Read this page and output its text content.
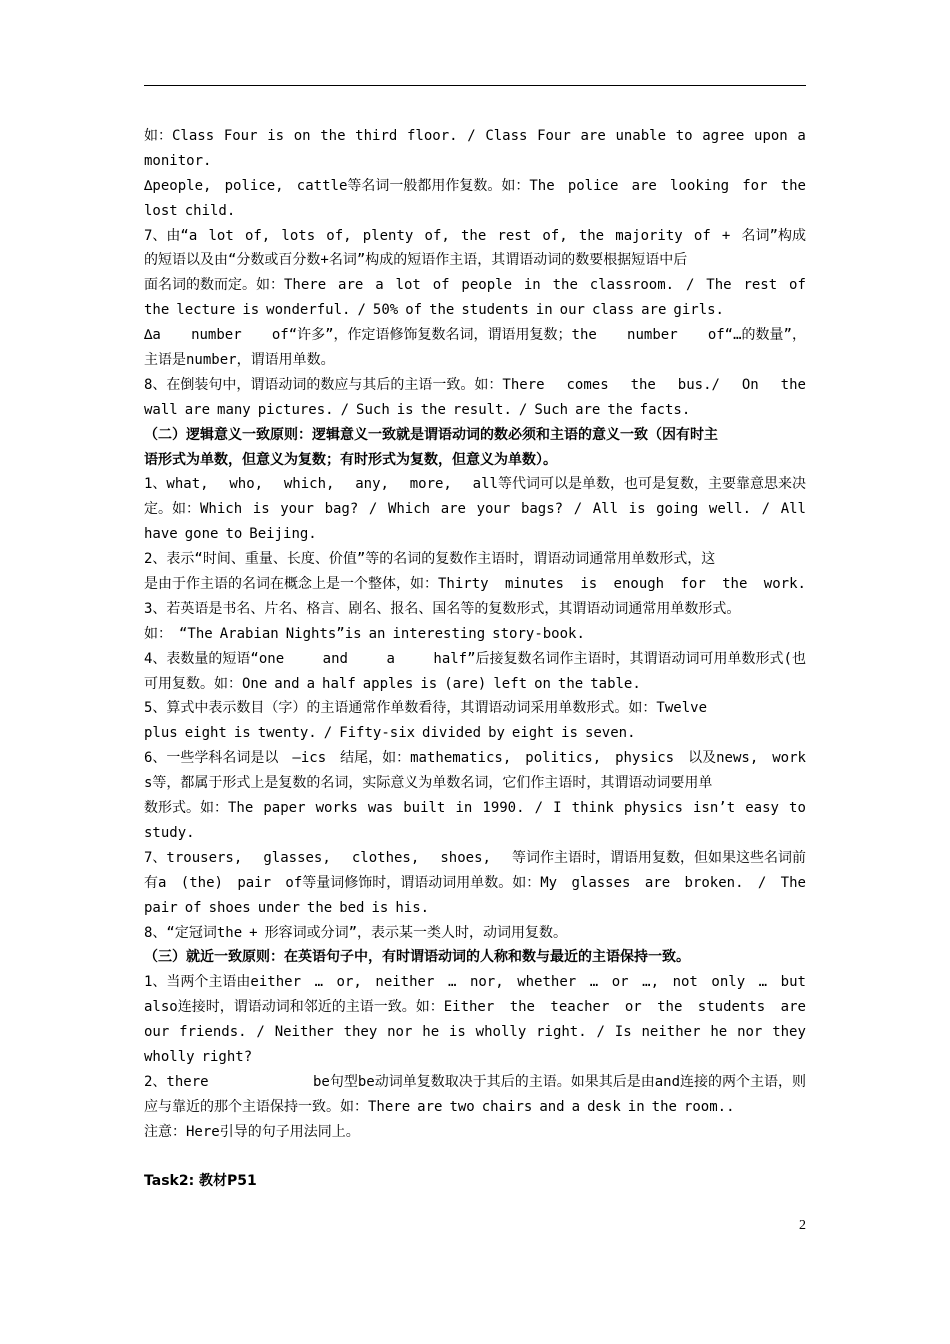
如：Class Four is on the third floor. / Class Four are unable to agree upon a
monitor.
∆people, police, cattle等名词一般都用作复数。如：The police are looking for the
lost child.
7、由“a lot of, lots of, plenty of, the rest of, the majority of + 名词”构成
的短语以及由“分数或百分数+名词”构成的短语作主语，其谓语动词的数要根据短语中后
面名词的数而定。如：There are a lot of people in the classroom. / The rest of
the lecture is wonderful. / 50% of the students in our class are girls.
∆a number of“许多”，作定语修饰复数名词，谓语用复数；the number of“…的数量”，
主语是number，谓语用单数。
8、在倒装句中，谓语动词的数应与其后的主语一致。如：There comes the bus./ On the
wall are many pictures. / Such is the result. / Such are the facts.
（二）逻辑意义一致原则：逻辑意义一致就是谓语动词的数必须和主语的意义一致（因有时主
语形式为单数，但意义为复数；有时形式为复数，但意义为单数）。
1、what, who, which, any, more, all等代词可以是单数，也可是复数，主要靠意思来决
定。如：Which is your bag? / Which are your bags? / All is going well. / All
have gone to Beijing.
2、表示“时间、重量、长度、价值”等的名词的复数作主语时，谓语动词通常用单数形式，这
是由于作主语的名词在概念上是一个整体，如：Thirty minutes is enough for the work.
3、若英语是书名、片名、格言、剧名、报名、国名等的复数形式，其谓语动词通常用单数形式。
如： “The Arabian Nights”is an interesting story-book.
4、表数量的短语“one	and	a	half”后接复数名词作主语时，其谓语动词可用单数形式(也
可用复数。如：One and a half apples is (are) left on the table.
5、算式中表示数目（字）的主语通常作单数看待，其谓语动词采用单数形式。如：Twelve
plus eight is twenty. / Fifty-six divided by eight is seven.
6、一些学科名词是以 –ics 结尾，如：mathematics, politics, physics 以及news, work
s等，都属于形式上是复数的名词，实际意义为单数名词，它们作主语时，其谓语动词要用单
数形式。如：The paper works was built in 1990. / I think physics isn’t easy to
study.
7、trousers, glasses, clothes, shoes, 等词作主语时，谓语用复数，但如果这些名词前
有a (the) pair of等量词修饰时，谓语动词用单数。如：My glasses are broken. / The
pair of shoes under the bed is his.
8、“定冠词the + 形容词或分词”，表示某一类人时，动词用复数。
（三）就近一致原则：在英语句子中，有时谓语动词的人称和数与最近的主语保持一致。
1、当两个主语由either … or, neither … nor, whether … or …, not only … but
also连接时，谓语动词和邻近的主语一致。如：Either the teacher or the students are
our friends. / Neither they nor he is wholly right. / Is neither he nor they
wholly right?
2、there	be句型be动词单复数取决于其后的主语。如果其后是由and连接的两个主语，则
应与靠近的那个主语保持一致。如：There are two chairs and a desk in the room..
注意：Here引导的句子用法同上。
Task2: 教材P51
2
